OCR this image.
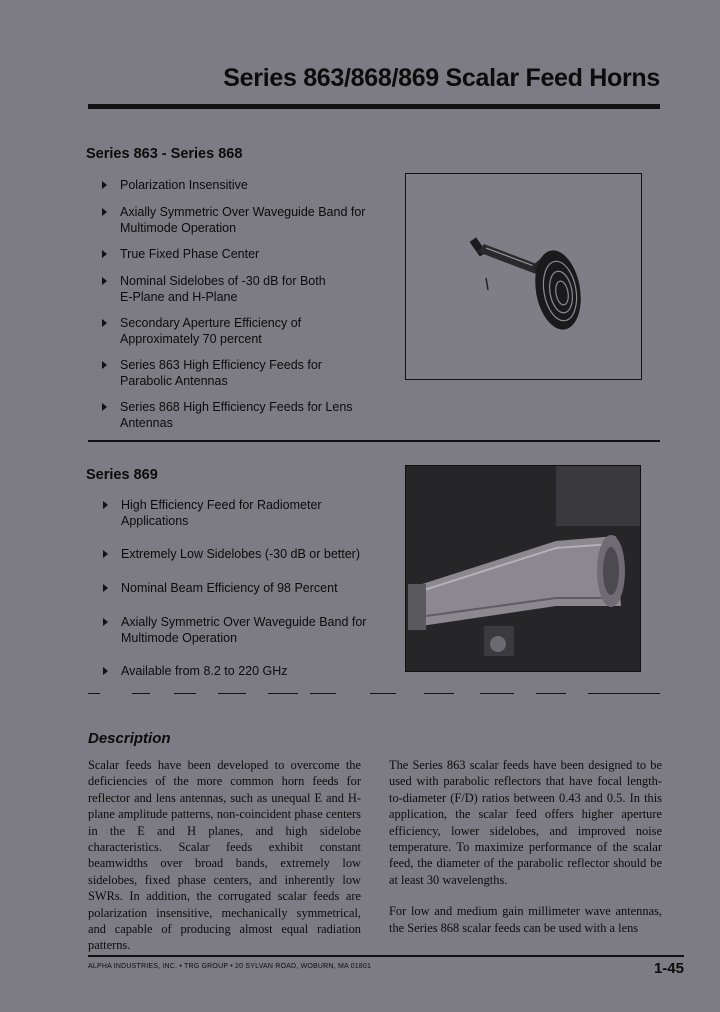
Series 863/868/869 Scalar Feed Horns
Series 863 - Series 868
Polarization Insensitive
Axially Symmetric Over Waveguide Band for
Multimode Operation
True Fixed Phase Center
Nominal Sidelobes of -30 dB for Both
E-Plane and H-Plane
Secondary Aperture Efficiency of
Approximately 70 percent
Series 863 High Efficiency Feeds for
Parabolic Antennas
Series 868 High Efficiency Feeds for Lens
Antennas
Series 869
High Efficiency Feed for Radiometer
Applications
Extremely Low Sidelobes (-30 dB or better)
Nominal Beam Efficiency of 98 Percent
Axially Symmetric Over Waveguide Band for
Multimode Operation
Available from 8.2 to 220 GHz
Description

Scalar feeds have been developed to overcome the deficiencies of the more common horn feeds for reflector and lens antennas, such as unequal E and H-plane amplitude patterns, non-coincident phase centers in the E and H planes, and high sidelobe characteristics. Scalar feeds exhibit constant beamwidths over broad bands, extremely low sidelobes, fixed phase centers, and inherently low SWRs. In addition, the corrugated scalar feeds are polarization insensitive, mechanically symmetrical, and capable of producing almost equal radiation patterns.

The Series 863 scalar feeds have been designed to be used with parabolic reflectors that have focal length-to-diameter (F/D) ratios between 0.43 and 0.5. In this application, the scalar feed offers higher aperture efficiency, lower sidelobes, and improved noise temperature. To maximize performance of the scalar feed, the diameter of the parabolic reflector should be at least 30 wavelengths.

For low and medium gain millimeter wave antennas, the Series 868 scalar feeds can be used with a lens

ALPHA INDUSTRIES, INC. • TRG GROUP • 20 SYLVAN ROAD, WOBURN, MA 01801	1-45
